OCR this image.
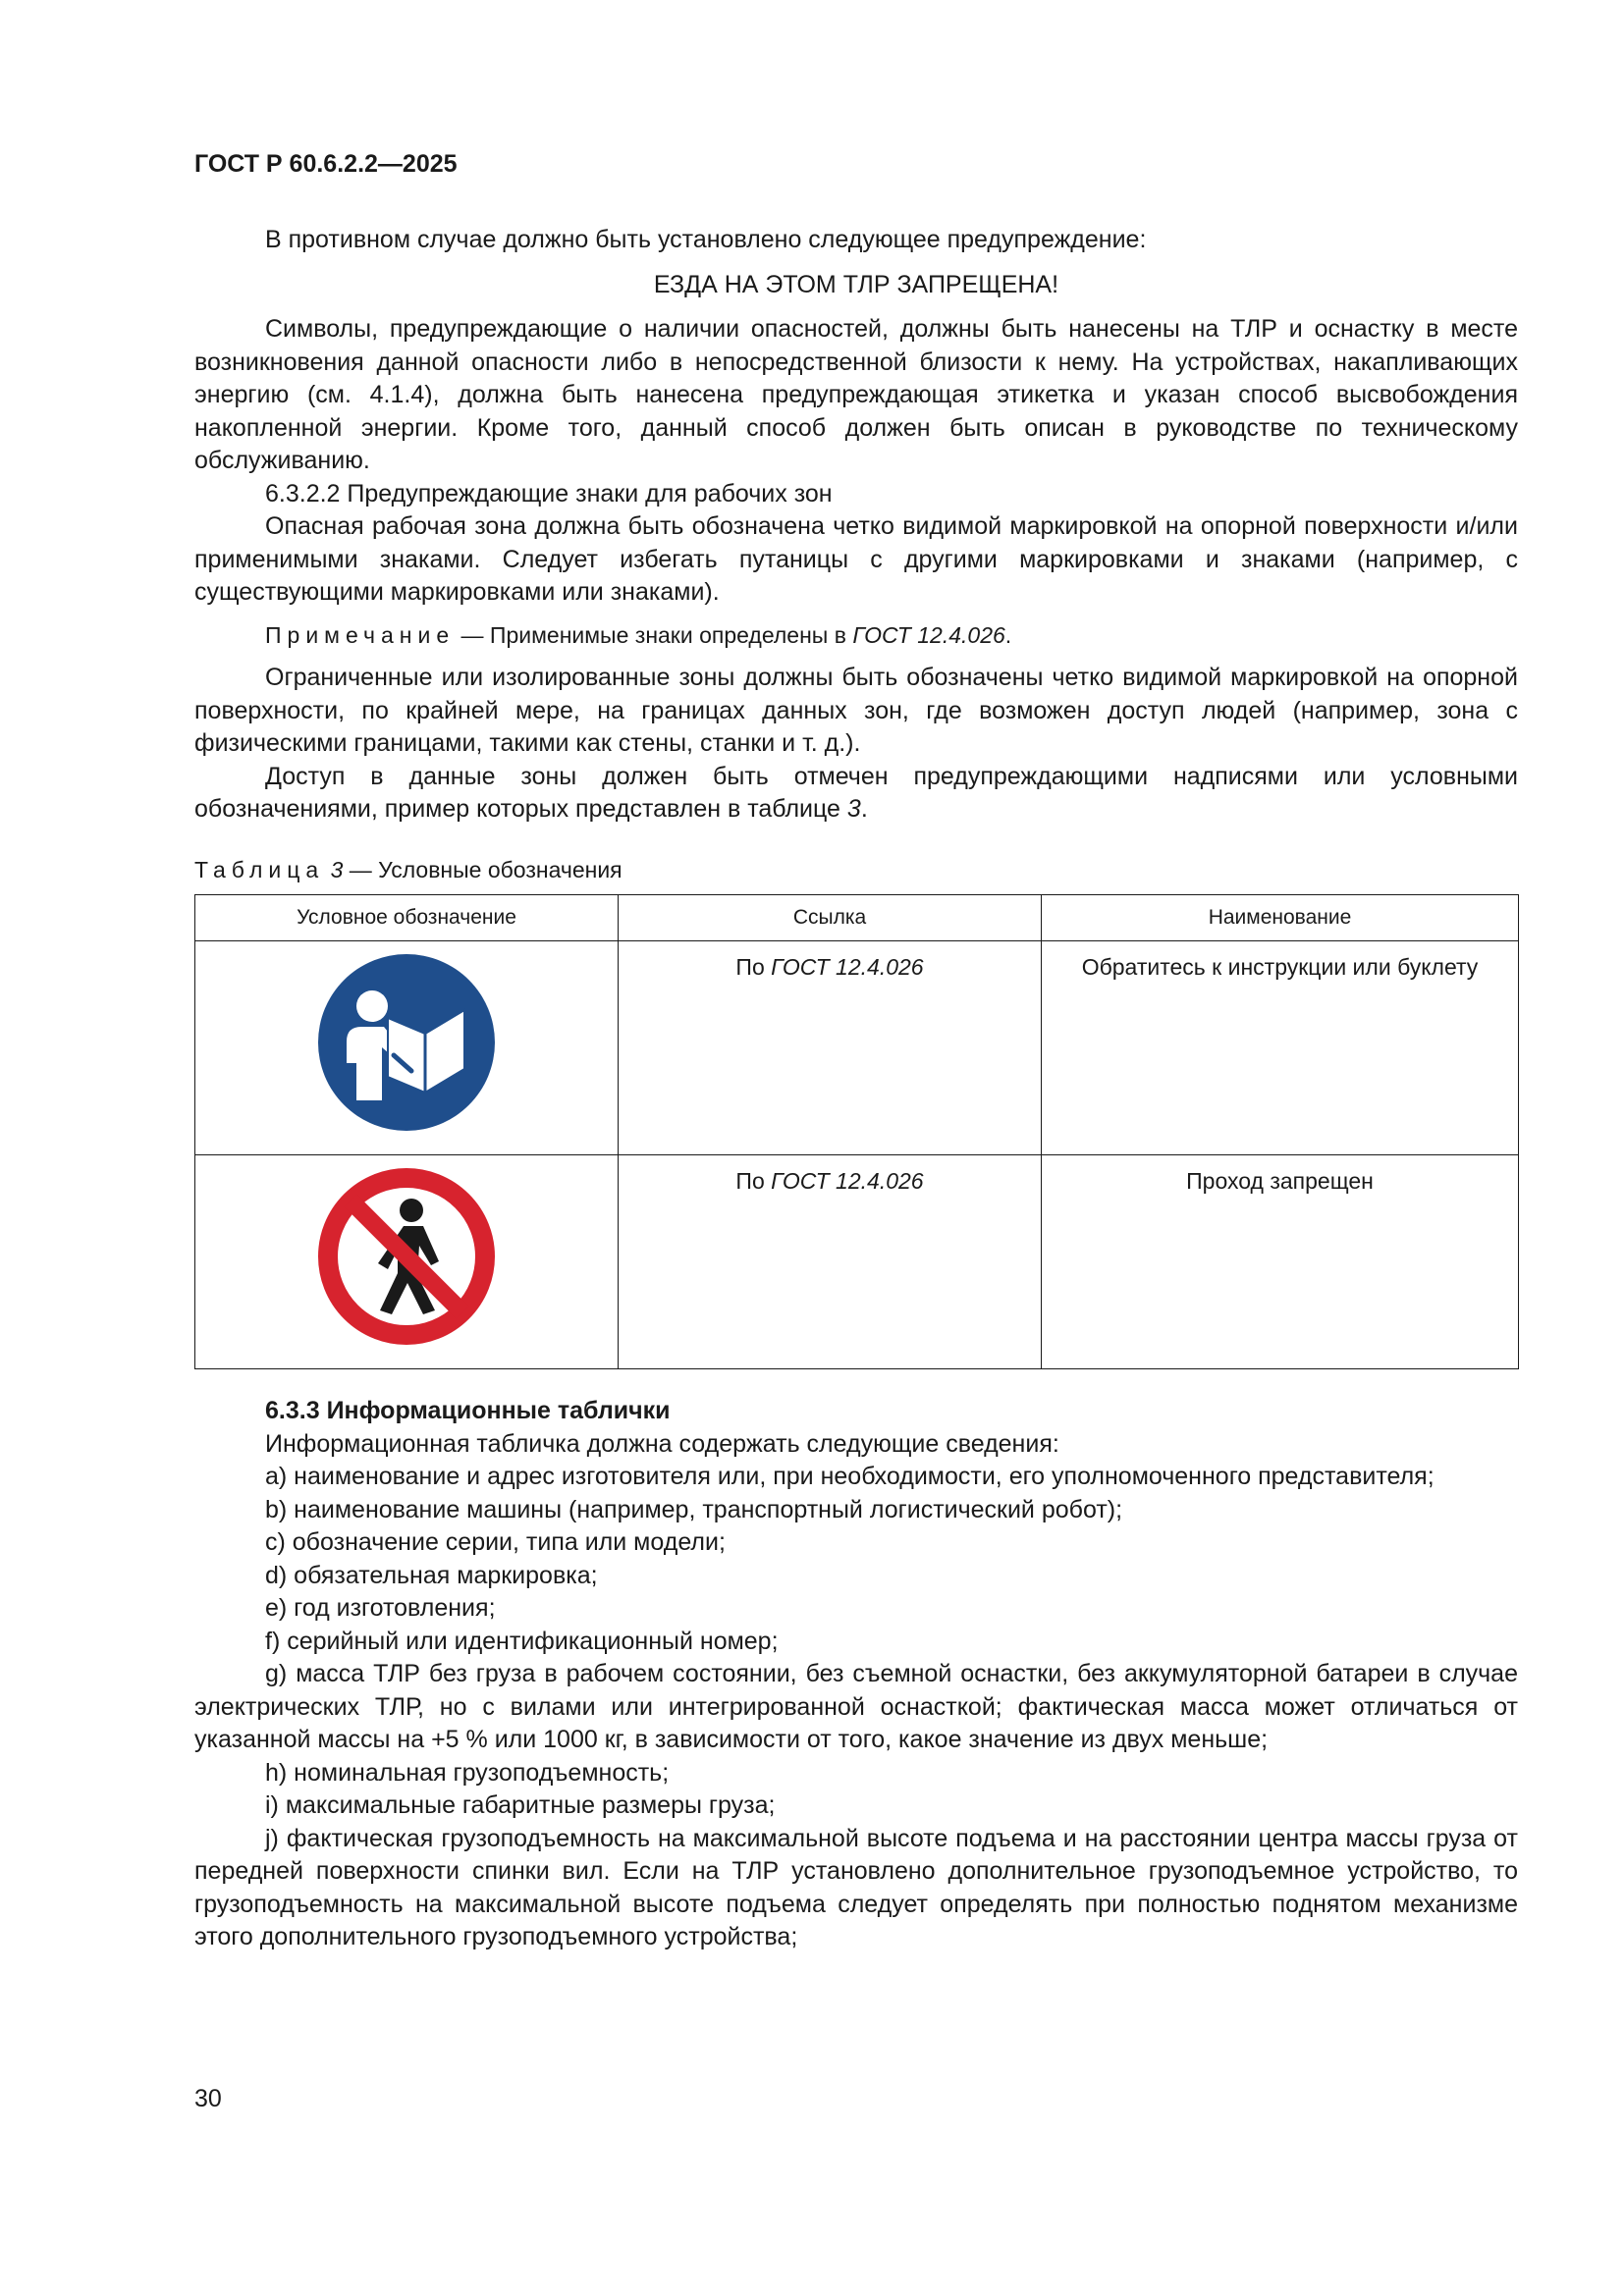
ГОСТ Р 60.6.2.2—2025

В противном случае должно быть установлено следующее предупреждение:

ЕЗДА НА ЭТОМ ТЛР ЗАПРЕЩЕНА!

Символы, предупреждающие о наличии опасностей, должны быть нанесены на ТЛР и оснастку в месте возникновения данной опасности либо в непосредственной близости к нему. На устройствах, накапливающих энергию (см. 4.1.4), должна быть нанесена предупреждающая этикетка и указан способ высвобождения накопленной энергии. Кроме того, данный способ должен быть описан в руководстве по техническому обслуживанию.

6.3.2.2 Предупреждающие знаки для рабочих зон

Опасная рабочая зона должна быть обозначена четко видимой маркировкой на опорной поверхности и/или применимыми знаками. Следует избегать путаницы с другими маркировками и знаками (например, с существующими маркировками или знаками).

Примечание — Применимые знаки определены в ГОСТ 12.4.026.

Ограниченные или изолированные зоны должны быть обозначены четко видимой маркировкой на опорной поверхности, по крайней мере, на границах данных зон, где возможен доступ людей (например, зона с физическими границами, такими как стены, станки и т. д.).

Доступ в данные зоны должен быть отмечен предупреждающими надписями или условными обозначениями, пример которых представлен в таблице 3.

Таблица 3 — Условные обозначения
Условное обозначение	Ссылка	Наименование
	По ГОСТ 12.4.026	Обратитесь к инструкции или буклету
	По ГОСТ 12.4.026	Проход запрещен

6.3.3 Информационные таблички

Информационная табличка должна содержать следующие сведения:

a) наименование и адрес изготовителя или, при необходимости, его уполномоченного представителя;

b) наименование машины (например, транспортный логистический робот);

c) обозначение серии, типа или модели;

d) обязательная маркировка;

e) год изготовления;

f) серийный или идентификационный номер;

g) масса ТЛР без груза в рабочем состоянии, без съемной оснастки, без аккумуляторной батареи в случае электрических ТЛР, но с вилами или интегрированной оснасткой; фактическая масса может отличаться от указанной массы на +5 % или 1000 кг, в зависимости от того, какое значение из двух меньше;

h) номинальная грузоподъемность;

i) максимальные габаритные размеры груза;

j) фактическая грузоподъемность на максимальной высоте подъема и на расстоянии центра массы груза от передней поверхности спинки вил. Если на ТЛР установлено дополнительное грузоподъемное устройство, то грузоподъемность на максимальной высоте подъема следует определять при полностью поднятом механизме этого дополнительного грузоподъемного устройства;

30
